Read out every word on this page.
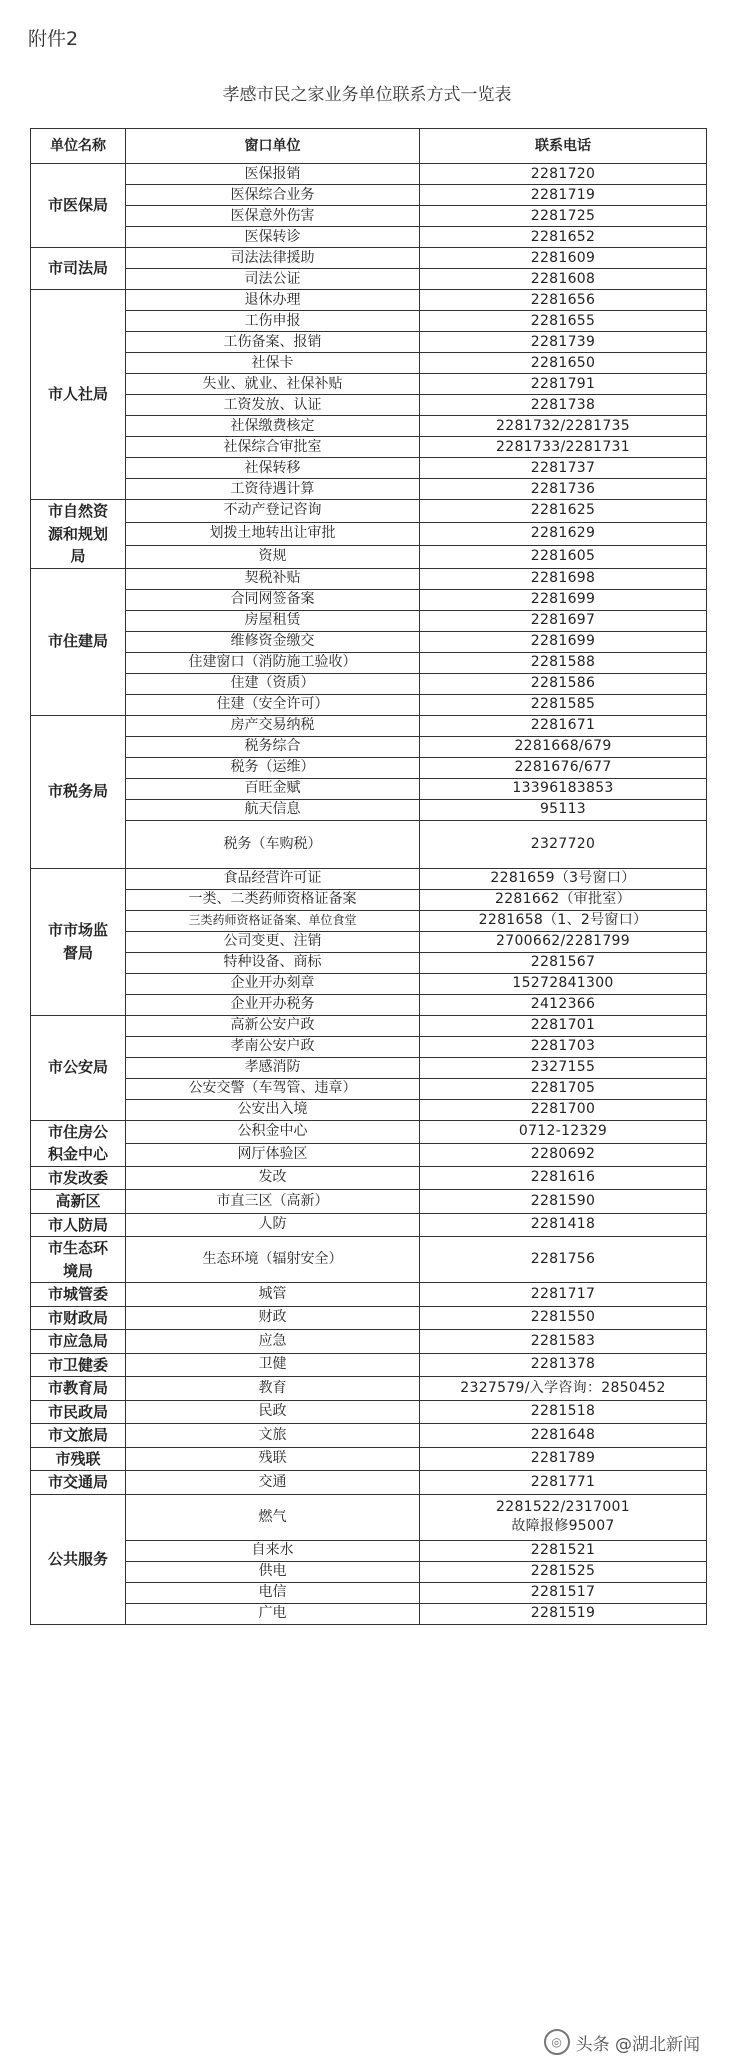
附件2
孝感市民之家业务单位联系方式一览表
单位名称	窗口单位	联系电话
市医保局	医保报销	2281720
	医保综合业务	2281719
	医保意外伤害	2281725
	医保转诊	2281652
市司法局	司法法律援助	2281609
	司法公证	2281608
市人社局	退休办理	2281656
	工伤申报	2281655
	工伤备案、报销	2281739
	社保卡	2281650
	失业、就业、社保补贴	2281791
	工资发放、认证	2281738
	社保缴费核定	2281732/2281735
	社保综合审批室	2281733/2281731
	社保转移	2281737
	工资待遇计算	2281736
市自然资源和规划局	不动产登记咨询	2281625
	划拨土地转出让审批	2281629
	资规	2281605
市住建局	契税补贴	2281698
	合同网签备案	2281699
	房屋租赁	2281697
	维修资金缴交	2281699
	住建窗口（消防施工验收）	2281588
	住建（资质）	2281586
	住建（安全许可）	2281585
市税务局	房产交易纳税	2281671
	税务综合	2281668/679
	税务（运维）	2281676/677
	百旺金赋	13396183853
	航天信息	95113
	税务（车购税）	2327720
市市场监督局	食品经营许可证	2281659（3号窗口）
	一类、二类药师资格证备案	2281662（审批室）
	三类药师资格证备案、单位食堂	2281658（1、2号窗口）
	公司变更、注销	2700662/2281799
	特种设备、商标	2281567
	企业开办刻章	15272841300
	企业开办税务	2412366
市公安局	高新公安户政	2281701
	孝南公安户政	2281703
	孝感消防	2327155
	公安交警（车驾管、违章）	2281705
	公安出入境	2281700
市住房公积金中心	公积金中心	0712-12329
	网厅体验区	2280692
市发改委	发改	2281616
高新区	市直三区（高新）	2281590
市人防局	人防	2281418
市生态环境局	生态环境（辐射安全）	2281756
市城管委	城管	2281717
市财政局	财政	2281550
市应急局	应急	2281583
市卫健委	卫健	2281378
市教育局	教育	2327579/入学咨询：2850452
市民政局	民政	2281518
市文旅局	文旅	2281648
市残联	残联	2281789
市交通局	交通	2281771
公共服务	燃气	2281522/2317001
故障报修95007
	自来水	2281521
	供电	2281525
	电信	2281517
	广电	2281519
◎ 头条 @湖北新闻
